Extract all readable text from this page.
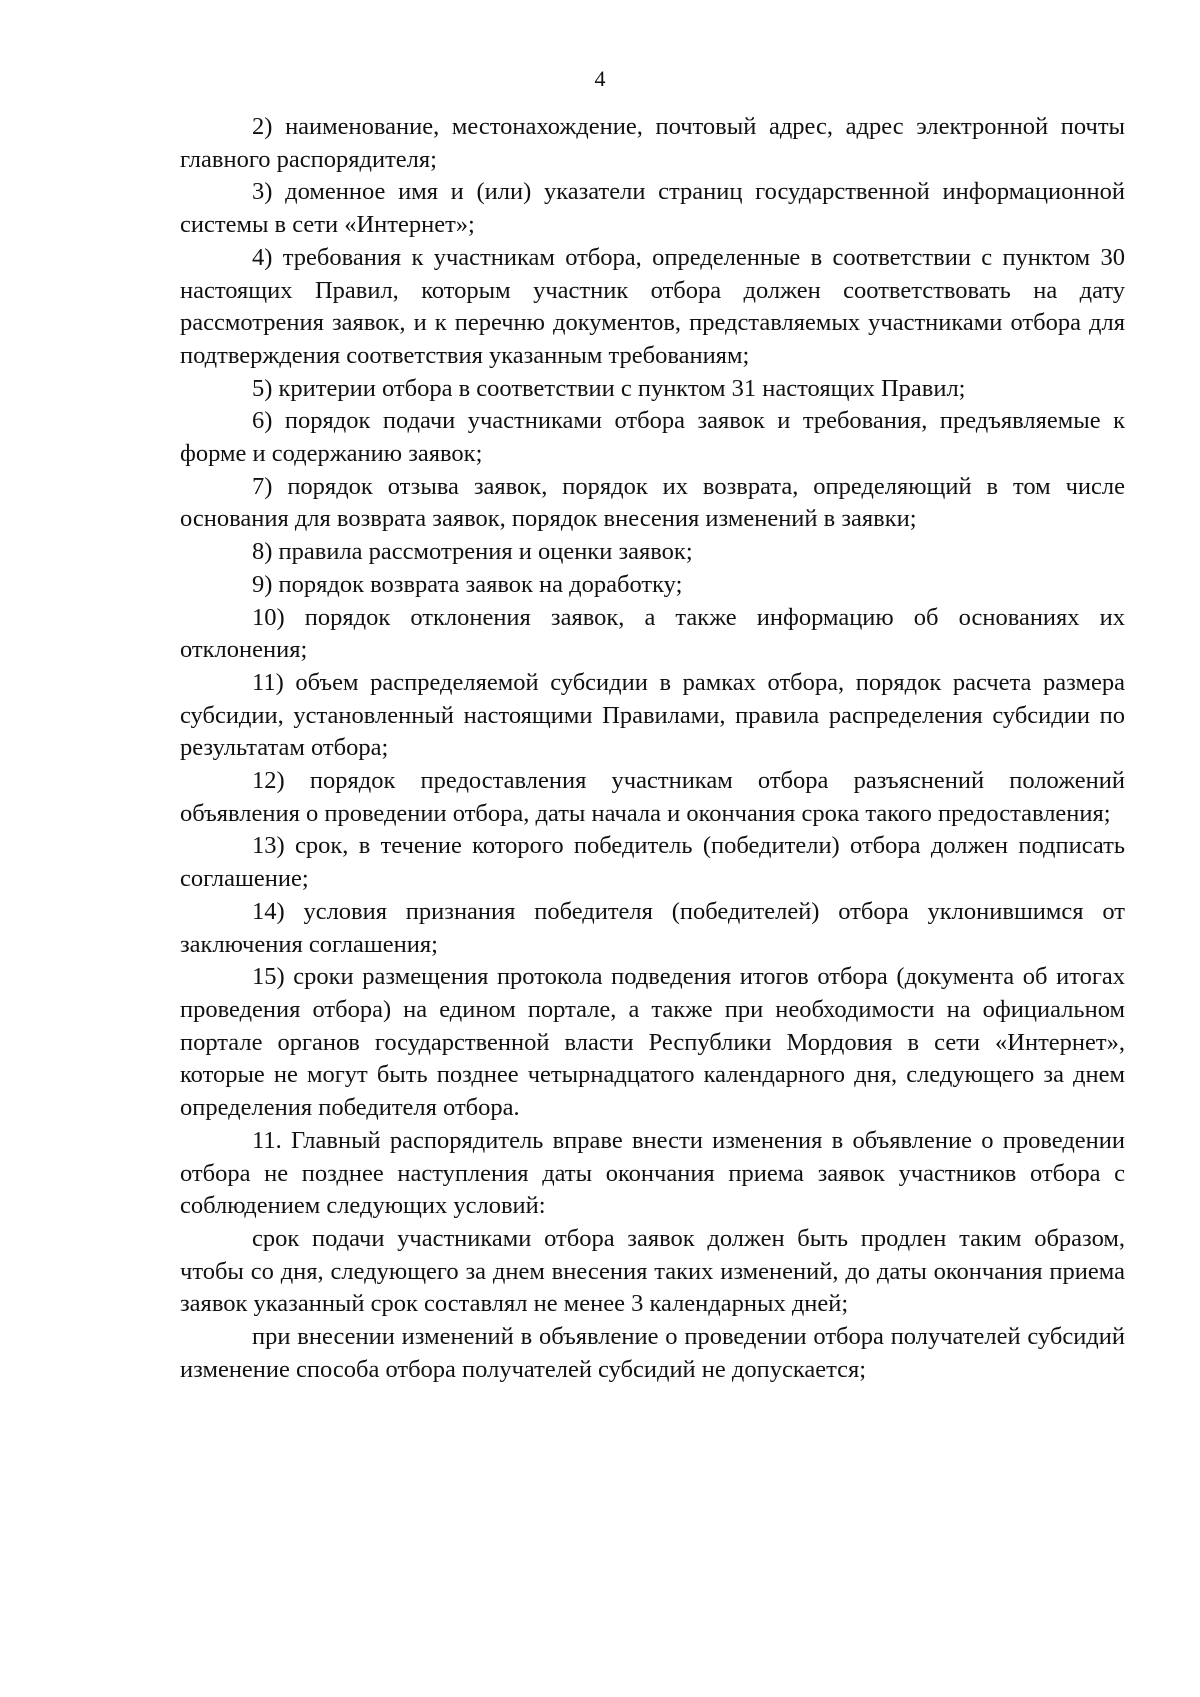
4

2) наименование, местонахождение, почтовый адрес, адрес электронной почты главного распорядителя;

3) доменное имя и (или) указатели страниц государственной информационной системы в сети «Интернет»;

4) требования к участникам отбора, определенные в соответствии с пунктом 30 настоящих Правил, которым участник отбора должен соответствовать на дату рассмотрения заявок, и к перечню документов, представляемых участниками отбора для подтверждения соответствия указанным требованиям;

5) критерии отбора в соответствии с пунктом 31 настоящих Правил;

6) порядок подачи участниками отбора заявок и требования, предъявляемые к форме и содержанию заявок;

7) порядок отзыва заявок, порядок их возврата, определяющий в том числе основания для возврата заявок, порядок внесения изменений в заявки;

8) правила рассмотрения и оценки заявок;

9) порядок возврата заявок на доработку;

10) порядок отклонения заявок, а также информацию об основаниях их отклонения;

11) объем распределяемой субсидии в рамках отбора, порядок расчета размера субсидии, установленный настоящими Правилами, правила распределения субсидии по результатам отбора;

12) порядок предоставления участникам отбора разъяснений положений объявления о проведении отбора, даты начала и окончания срока такого предоставления;

13) срок, в течение которого победитель (победители) отбора должен подписать соглашение;

14) условия признания победителя (победителей) отбора уклонившимся от заключения соглашения;

15) сроки размещения протокола подведения итогов отбора (документа об итогах проведения отбора) на едином портале, а также при необходимости на официальном портале органов государственной власти Республики Мордовия в сети «Интернет», которые не могут быть позднее четырнадцатого календарного дня, следующего за днем определения победителя отбора.

11. Главный распорядитель вправе внести изменения в объявление о проведении отбора не позднее наступления даты окончания приема заявок участников отбора с соблюдением следующих условий:

срок подачи участниками отбора заявок должен быть продлен таким образом, чтобы со дня, следующего за днем внесения таких изменений, до даты окончания приема заявок указанный срок составлял не менее 3 календарных дней;

при внесении изменений в объявление о проведении отбора получателей субсидий изменение способа отбора получателей субсидий не допускается;
